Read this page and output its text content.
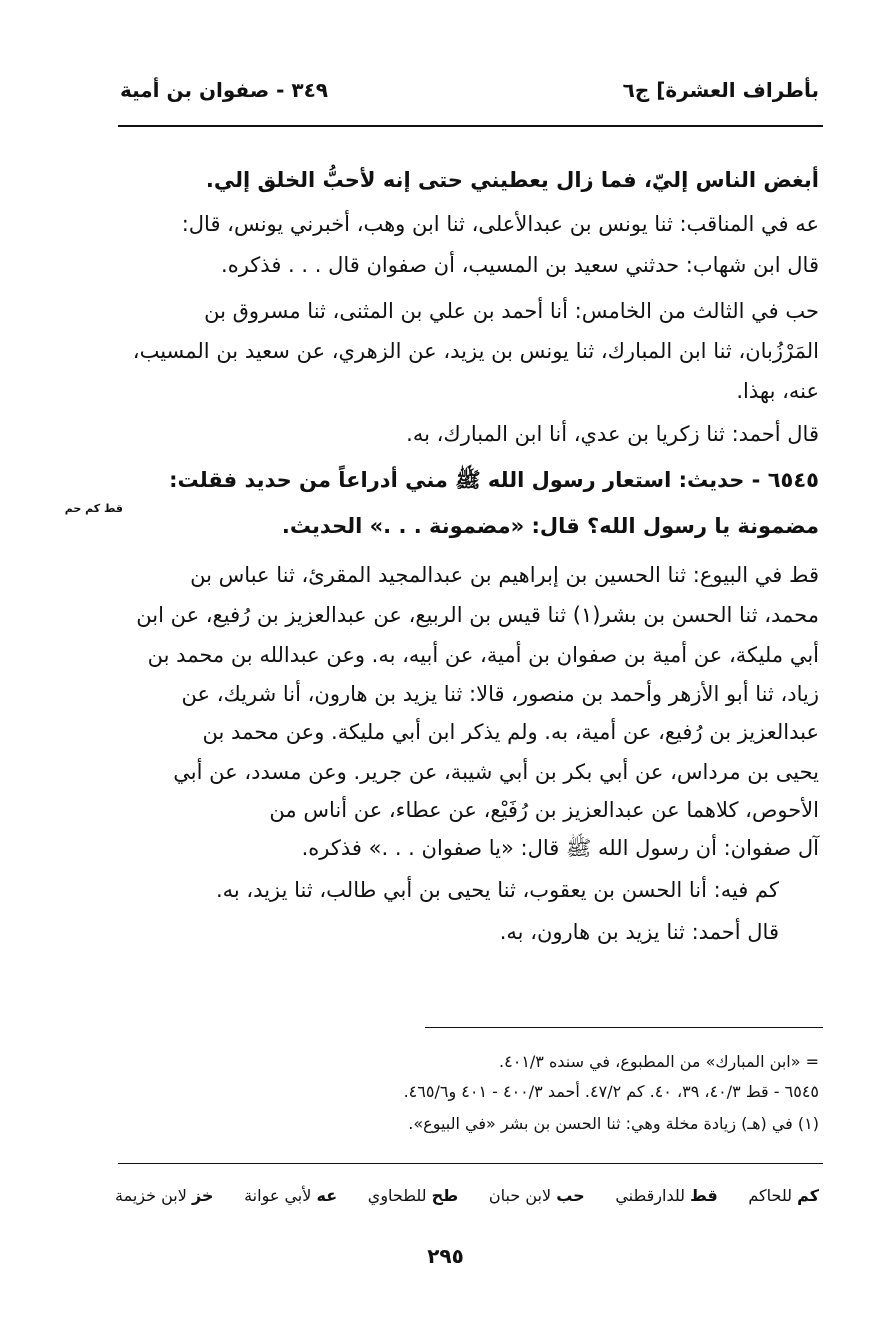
بأطراف العشرة] ج٦
٣٤٩ - صفوان بن أمية
أبغض الناس إليّ، فما زال يعطيني حتى إنه لأحبُّ الخلق إلي.
عه في المناقب: ثنا يونس بن عبدالأعلى، ثنا ابن وهب، أخبرني يونس، قال:
قال ابن شهاب: حدثني سعيد بن المسيب، أن صفوان قال . . . فذكره.
حب في الثالث من الخامس: أنا أحمد بن علي بن المثنى، ثنا مسروق بن
المَرْزُبان، ثنا ابن المبارك، ثنا يونس بن يزيد، عن الزهري، عن سعيد بن المسيب،
عنه، بهذا.
قال أحمد: ثنا زكريا بن عدي، أنا ابن المبارك، به.
٦٥٤٥ - حديث: استعار رسول الله ﷺ مني أدراعاً من حديد فقلت:
قط كم حم
مضمونة يا رسول الله؟ قال: «مضمونة . . .» الحديث.
قط في البيوع: ثنا الحسين بن إبراهيم بن عبدالمجيد المقرئ، ثنا عباس بن
محمد، ثنا الحسن بن بشر(١) ثنا قيس بن الربيع، عن عبدالعزيز بن رُفيع، عن ابن
أبي مليكة، عن أمية بن صفوان بن أمية، عن أبيه، به. وعن عبدالله بن محمد بن
زياد، ثنا أبو الأزهر وأحمد بن منصور، قالا: ثنا يزيد بن هارون، أنا شريك، عن
عبدالعزيز بن رُفيع، عن أمية، به. ولم يذكر ابن أبي مليكة. وعن محمد بن
يحيى بن مرداس، عن أبي بكر بن أبي شيبة، عن جرير. وعن مسدد، عن أبي
الأحوص، كلاهما عن عبدالعزيز بن رُفَيْع، عن عطاء، عن أناس من
آل صفوان: أن رسول الله ﷺ قال: «يا صفوان . . .» فذكره.
كم فيه: أنا الحسن بن يعقوب، ثنا يحيى بن أبي طالب، ثنا يزيد، به.
قال أحمد: ثنا يزيد بن هارون، به.
= «ابن المبارك» من المطبوع، في سنده ٤٠١/٣.
٦٥٤٥ - قط ٤٠/٣، ٣٩، ٤٠. كم ٤٧/٢. أحمد ٤٠٠/٣ - ٤٠١ و٤٦٥/٦.
(١) في (هـ) زيادة مخلة وهي: ثنا الحسن بن بشر «في البيوع».
خز لابن خزيمة	عه لأبي عوانة	طح للطحاوي	حب لابن حبان	قط للدارقطني	كم للحاكم
٢٩٥
